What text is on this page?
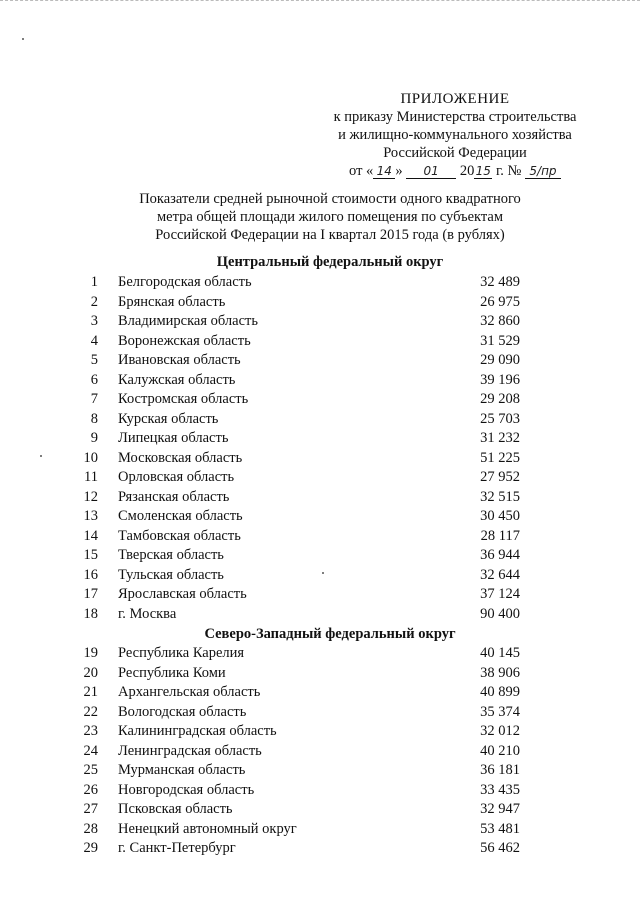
ПРИЛОЖЕНИЕ
к приказу Министерства строительства
и жилищно-коммунального хозяйства
Российской Федерации
от « 14 » 01 2015 г. № 5/пр
Показатели средней рыночной стоимости одного квадратного
метра общей площади жилого помещения по субъектам
Российской Федерации на I квартал 2015 года (в рублях)
Центральный федеральный округ
1 Белгородская область	32 489
2 Брянская область	26 975
3 Владимирская область	32 860
4 Воронежская область	31 529
5 Ивановская область	29 090
6 Калужская область	39 196
7 Костромская область	29 208
8 Курская область	25 703
9 Липецкая область	31 232
10 Московская область	51 225
11 Орловская область	27 952
12 Рязанская область	32 515
13 Смоленская область	30 450
14 Тамбовская область	28 117
15 Тверская область	36 944
16 Тульская область	32 644
17 Ярославская область	37 124
18 г. Москва	90 400
Северо-Западный федеральный округ
19 Республика Карелия	40 145
20 Республика Коми	38 906
21 Архангельская область	40 899
22 Вологодская область	35 374
23 Калининградская область	32 012
24 Ленинградская область	40 210
25 Мурманская область	36 181
26 Новгородская область	33 435
27 Псковская область	32 947
28 Ненецкий автономный округ	53 481
29 г. Санкт-Петербург	56 462
